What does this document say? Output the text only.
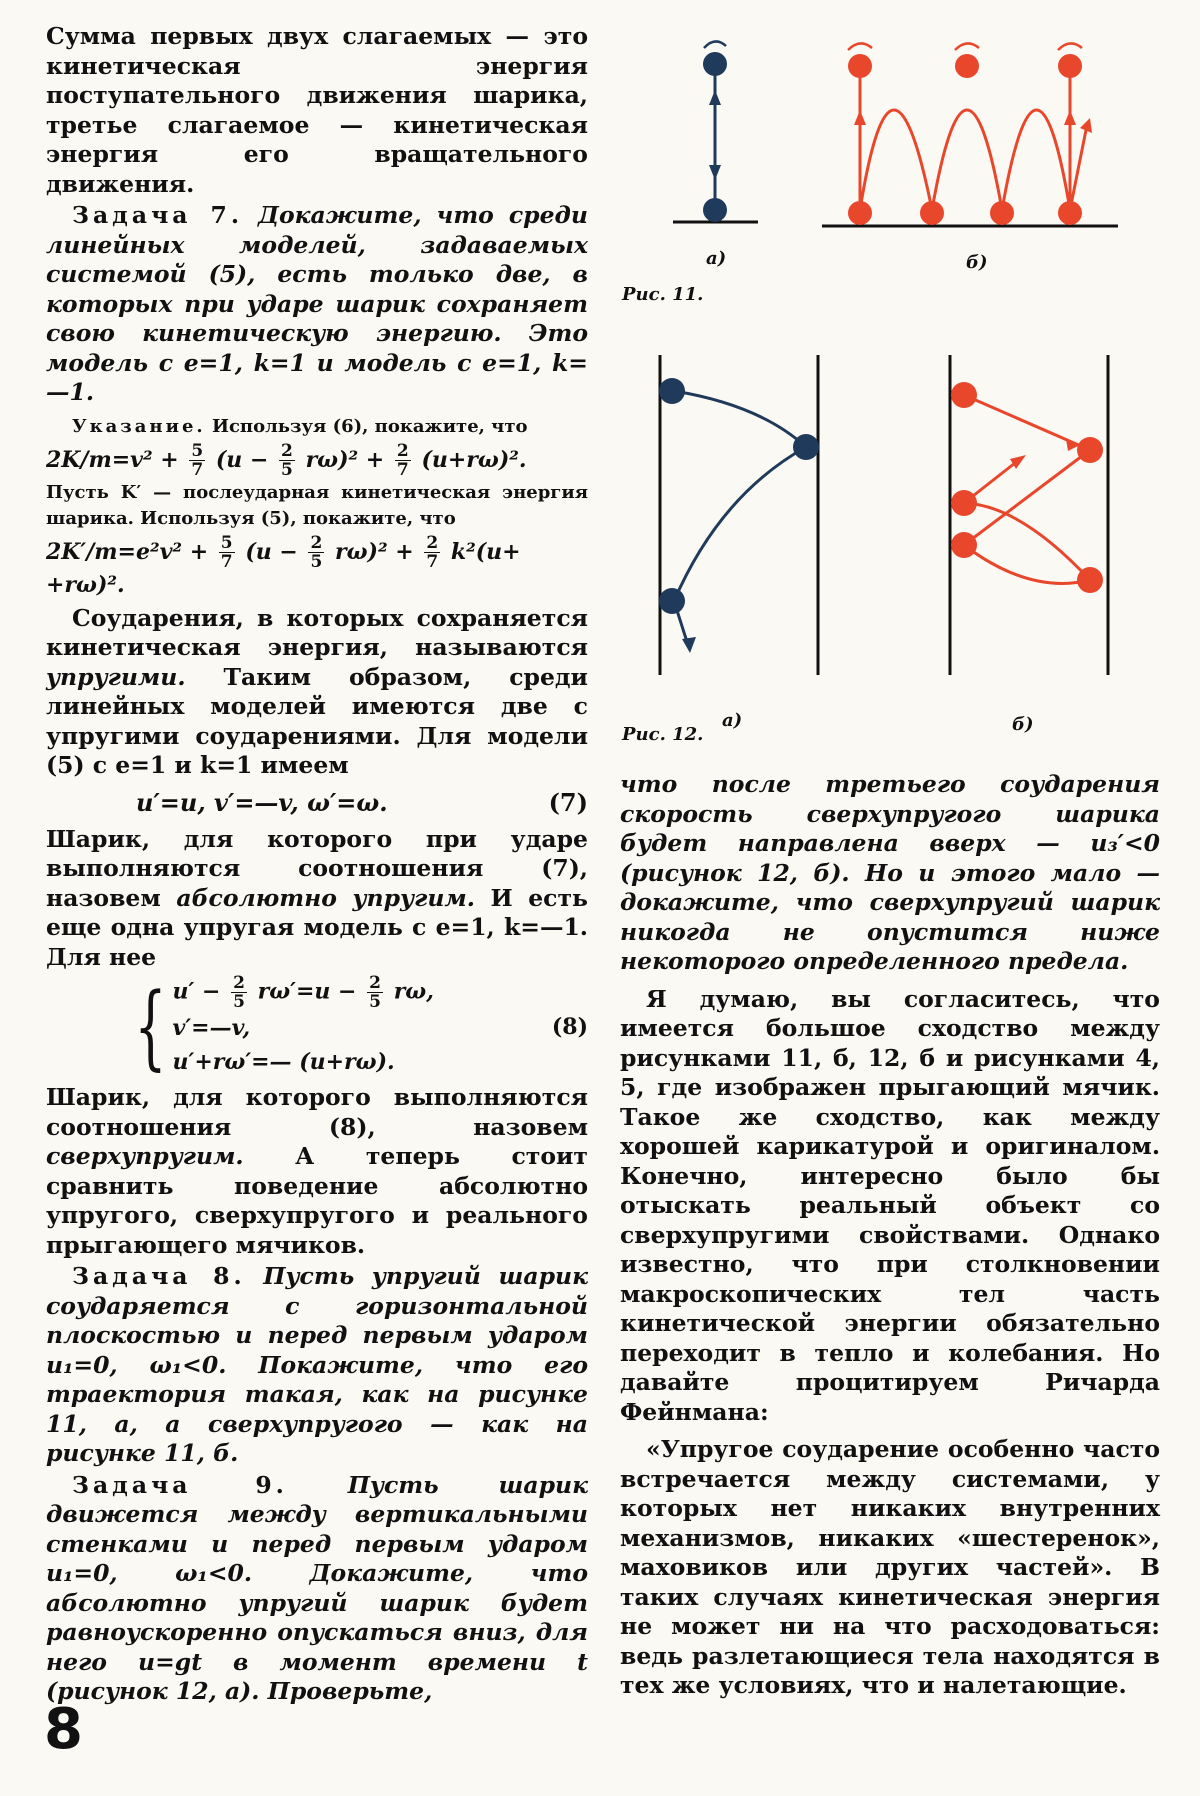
Сумма первых двух слагаемых — это кинетическая энергия поступательного движения шарика, третье слагаемое — кинетическая энергия его вращательного движения.

Задача 7. Докажите, что среди линейных моделей, задаваемых системой (5), есть только две, в которых при ударе шарик сохраняет свою кинетическую энергию. Это модель с e=1, k=1 и модель с e=1, k=—1.

Указание. Используя (6), покажите, что

$2K/m=v^2 + \frac{5}{7} (u - \frac{2}{5} r\omega)^2 + \frac{2}{7} (u+r\omega)^2$.

Пусть K′ — послеударная кинетическая энергия шарика. Используя (5), покажите, что

$2K'/m=e^2v^2 + \frac{5}{7} (u - \frac{2}{5} r\omega)^2 + \frac{2}{7} k^2(u+$
+rω)².

Соударения, в которых сохраняется кинетическая энергия, называются упругими. Таким образом, среди линейных моделей имеются две с упругими соударениями. Для модели (5) с e=1 и k=1 имеем

u′=u, v′=—v, ω′=ω.	(7)

Шарик, для которого при ударе выполняются соотношения (7), назовем абсолютно упругим. И есть еще одна упругая модель с e=1, k=—1. Для нее

{ $u' - \frac{2}{5} r\omega'=u - \frac{2}{5} r\omega$,
v′=—v,
u′+rω′=— (u+rω).
(8)

Шарик, для которого выполняются соотношения (8), назовем сверхупругим. А теперь стоит сравнить поведение абсолютно упругого, сверхупругого и реального прыгающего мячиков.

Задача 8. Пусть упругий шарик соударяется с горизонтальной плоскостью и перед первым ударом u₁=0, ω₁<0. Покажите, что его траектория такая, как на рисунке 11, а, а сверхупругого — как на рисунке 11, б.

Задача 9.	Пусть шарик движется между вертикальными стенками и перед первым ударом u₁=0, ω₁<0. Докажите, что абсолютно упругий шарик будет равноускоренно опускаться вниз, для него u=gt в момент времени t (рисунок 12, а). Проверьте,

а)	б)
Рис. 11.
а)	б)
Рис. 12.

что после третьего соударения скорость сверхупругого шарика будет направлена вверх — u₃′<0 (рисунок 12, б). Но и этого мало — докажите, что сверхупругий шарик никогда не опустится ниже некоторого определенного предела.

Я думаю, вы согласитесь, что имеется большое сходство между рисунками 11, б, 12, б и рисунками 4, 5, где изображен прыгающий мячик. Такое же сходство, как между хорошей карикатурой и оригиналом. Конечно, интересно было бы отыскать реальный объект со сверхупругими свойствами. Однако известно, что при столкновении макроскопических тел часть кинетической энергии обязательно переходит в тепло и колебания. Но давайте процитируем Ричарда Фейнмана:

«Упругое соударение особенно часто встречается между системами, у которых нет никаких внутренних механизмов, никаких «шестеренок», маховиков или других частей». В таких случаях кинетическая энергия не может ни на что расходоваться: ведь разлетающиеся тела находятся в тех же условиях, что и налетающие.

8
